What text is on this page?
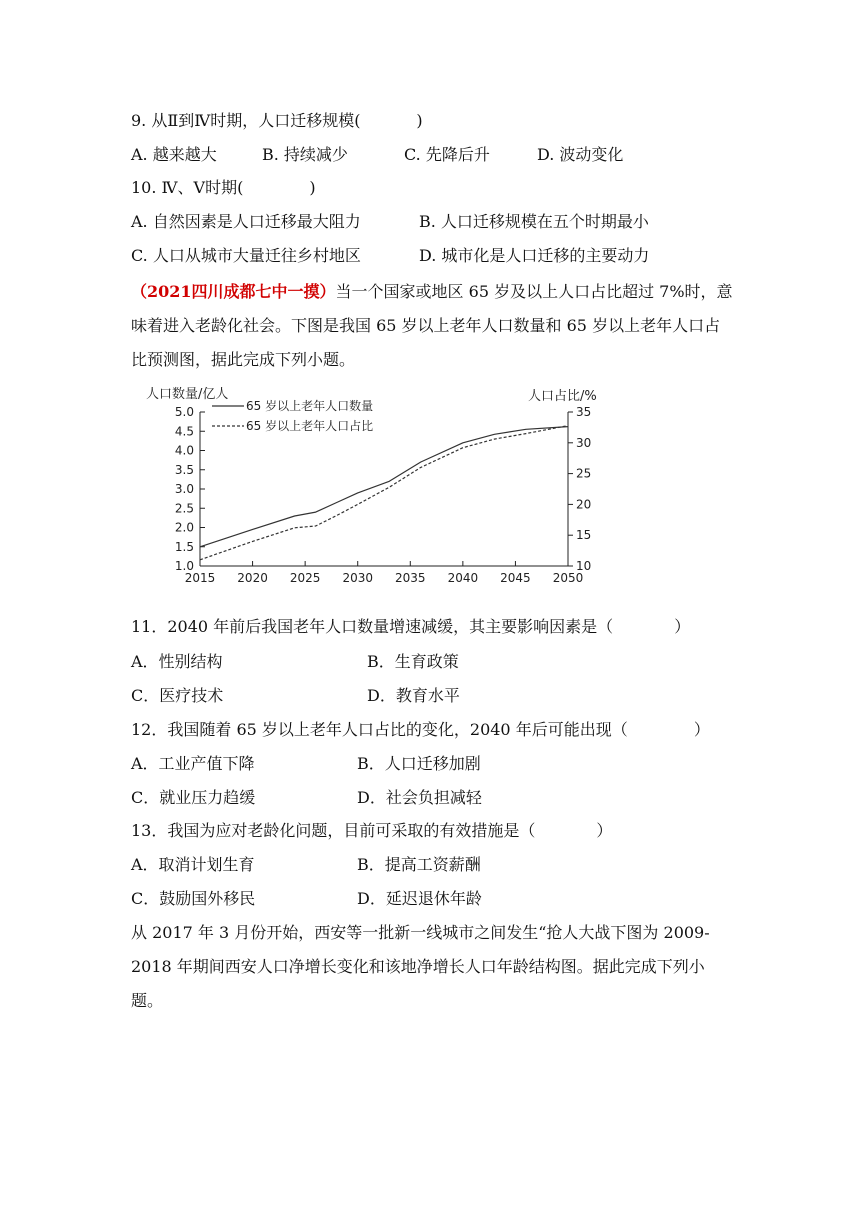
9. 从Ⅱ到Ⅳ时期，人口迁移规模(           )
A. 越来越大	B. 持续减少	C. 先降后升	D. 波动变化
10. Ⅳ、Ⅴ时期(             )
A. 自然因素是人口迁移最大阻力	B. 人口迁移规模在五个时期最小
C. 人口从城市大量迁往乡村地区	D. 城市化是人口迁移的主要动力
（2021四川成都七中一摸）当一个国家或地区 65 岁及以上人口占比超过 7%时，意味着进入老龄化社会。下图是我国 65 岁以上老年人口数量和 65 岁以上老年人口占比预测图，据此完成下列小题。
人口数量/亿人	人口占比/%
1.0
1.5
2.0
2.5
3.0
3.5
4.0
4.5
5.0
10
15
20
25
30
35
2015 2020 2025 2030 2035 2040 2045 2050
65 岁以上老年人口数量
65 岁以上老年人口占比
11．2040 年前后我国老年人口数量增速减缓，其主要影响因素是（            ）
A．性别结构	B．生育政策
C．医疗技术	D．教育水平
12．我国随着 65 岁以上老年人口占比的变化，2040 年后可能出现（             ）
A．工业产值下降	B．人口迁移加剧
C．就业压力趋缓	D．社会负担减轻
13．我国为应对老龄化问题，目前可采取的有效措施是（            ）
A．取消计划生育	B．提高工资薪酬
C．鼓励国外移民	D．延迟退休年龄
从 2017 年 3 月份开始，西安等一批新一线城市之间发生“抢人大战下图为 2009-2018 年期间西安人口净增长变化和该地净增长人口年龄结构图。据此完成下列小题。
